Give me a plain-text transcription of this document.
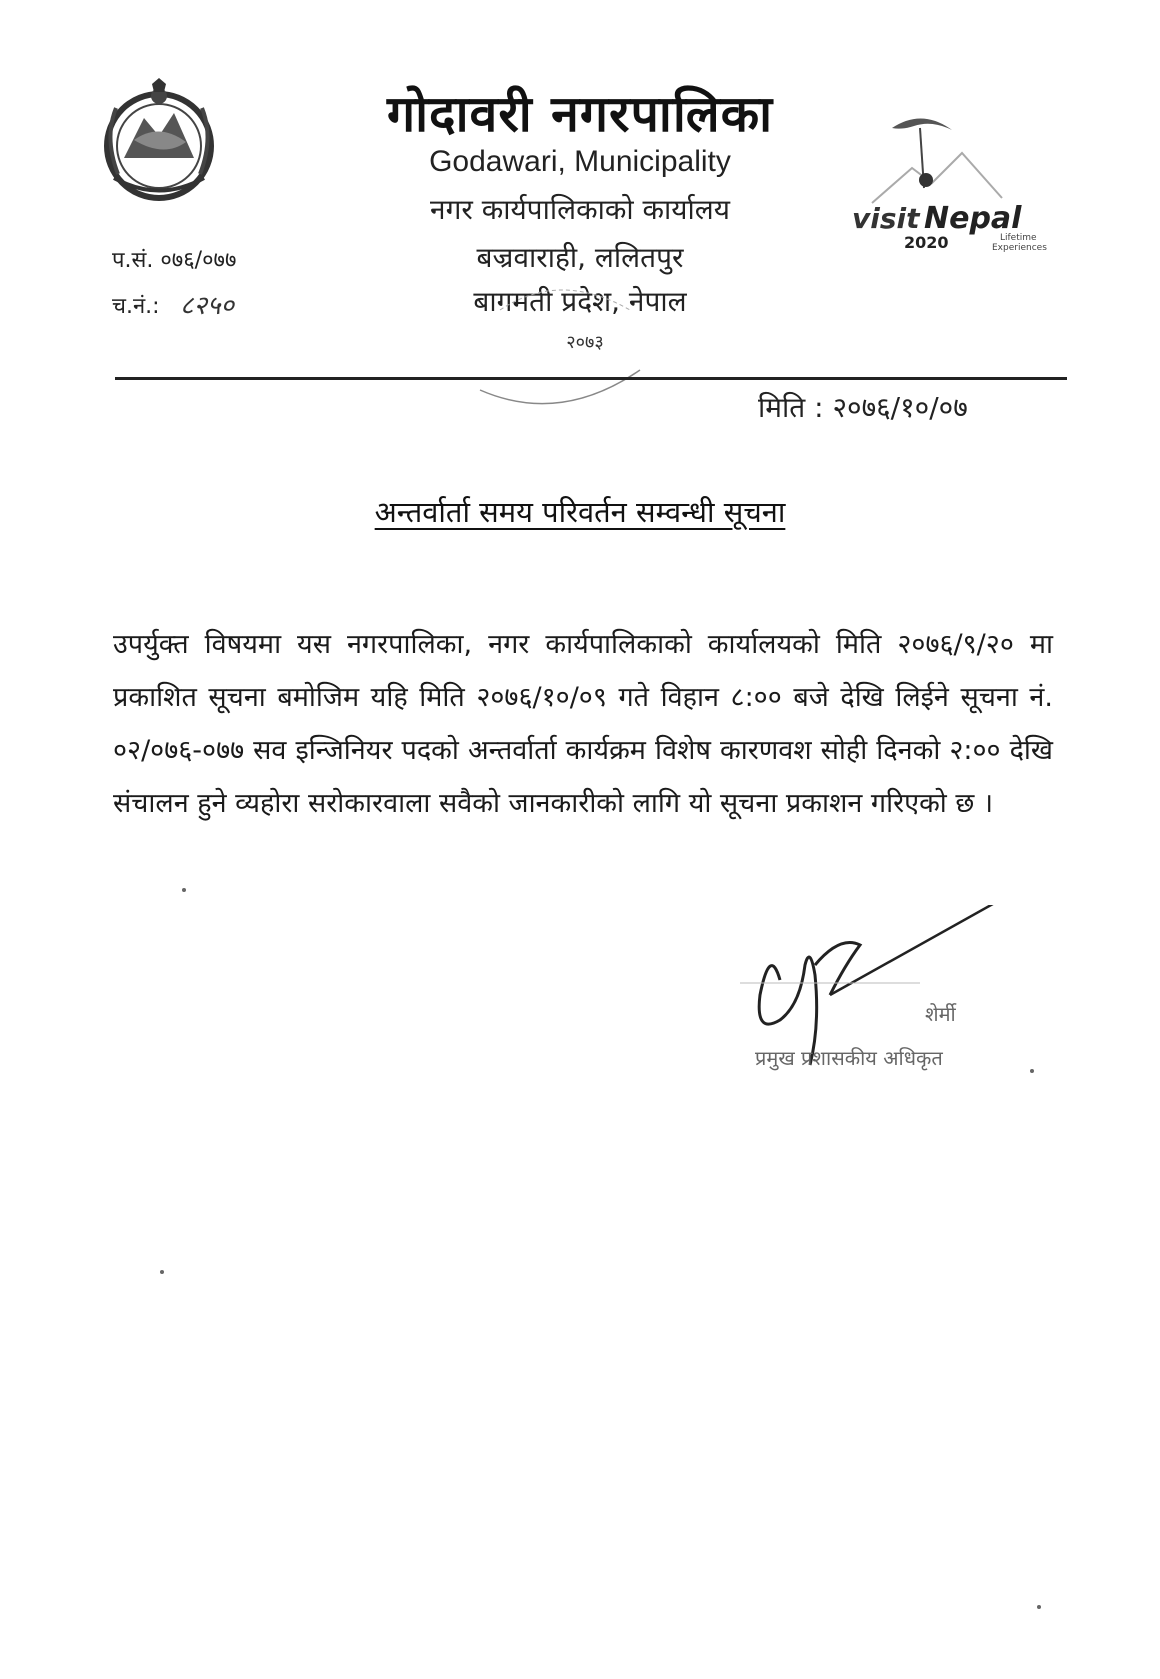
गोदावरी नगरपालिका
Godawari, Municipality
नगर कार्यपालिकाको कार्यालय
बज्रवाराही, ललितपुर
बागमती प्रदेश, नेपाल
२०७३
visit Nepal
2020	Lifetime
Experiences
प.सं. ०७६/०७७
च.नं.: ८२५०
मिति : २०७६/१०/०७
अन्तर्वार्ता समय परिवर्तन सम्वन्धी सूचना
उपर्युक्त विषयमा यस नगरपालिका, नगर कार्यपालिकाको कार्यालयको मिति २०७६/९/२० मा प्रकाशित सूचना बमोजिम यहि मिति २०७६/१०/०९ गते विहान ८:०० बजे देखि लिईने सूचना नं. ०२/०७६-०७७ सव इन्जिनियर पदको अन्तर्वार्ता कार्यक्रम विशेष कारणवश सोही दिनको २:०० देखि संचालन हुने व्यहोरा सरोकारवाला सवैको जानकारीको लागि यो सूचना प्रकाशन गरिएको छ ।
शेर्मी
प्रमुख प्रशासकीय अधिकृत
